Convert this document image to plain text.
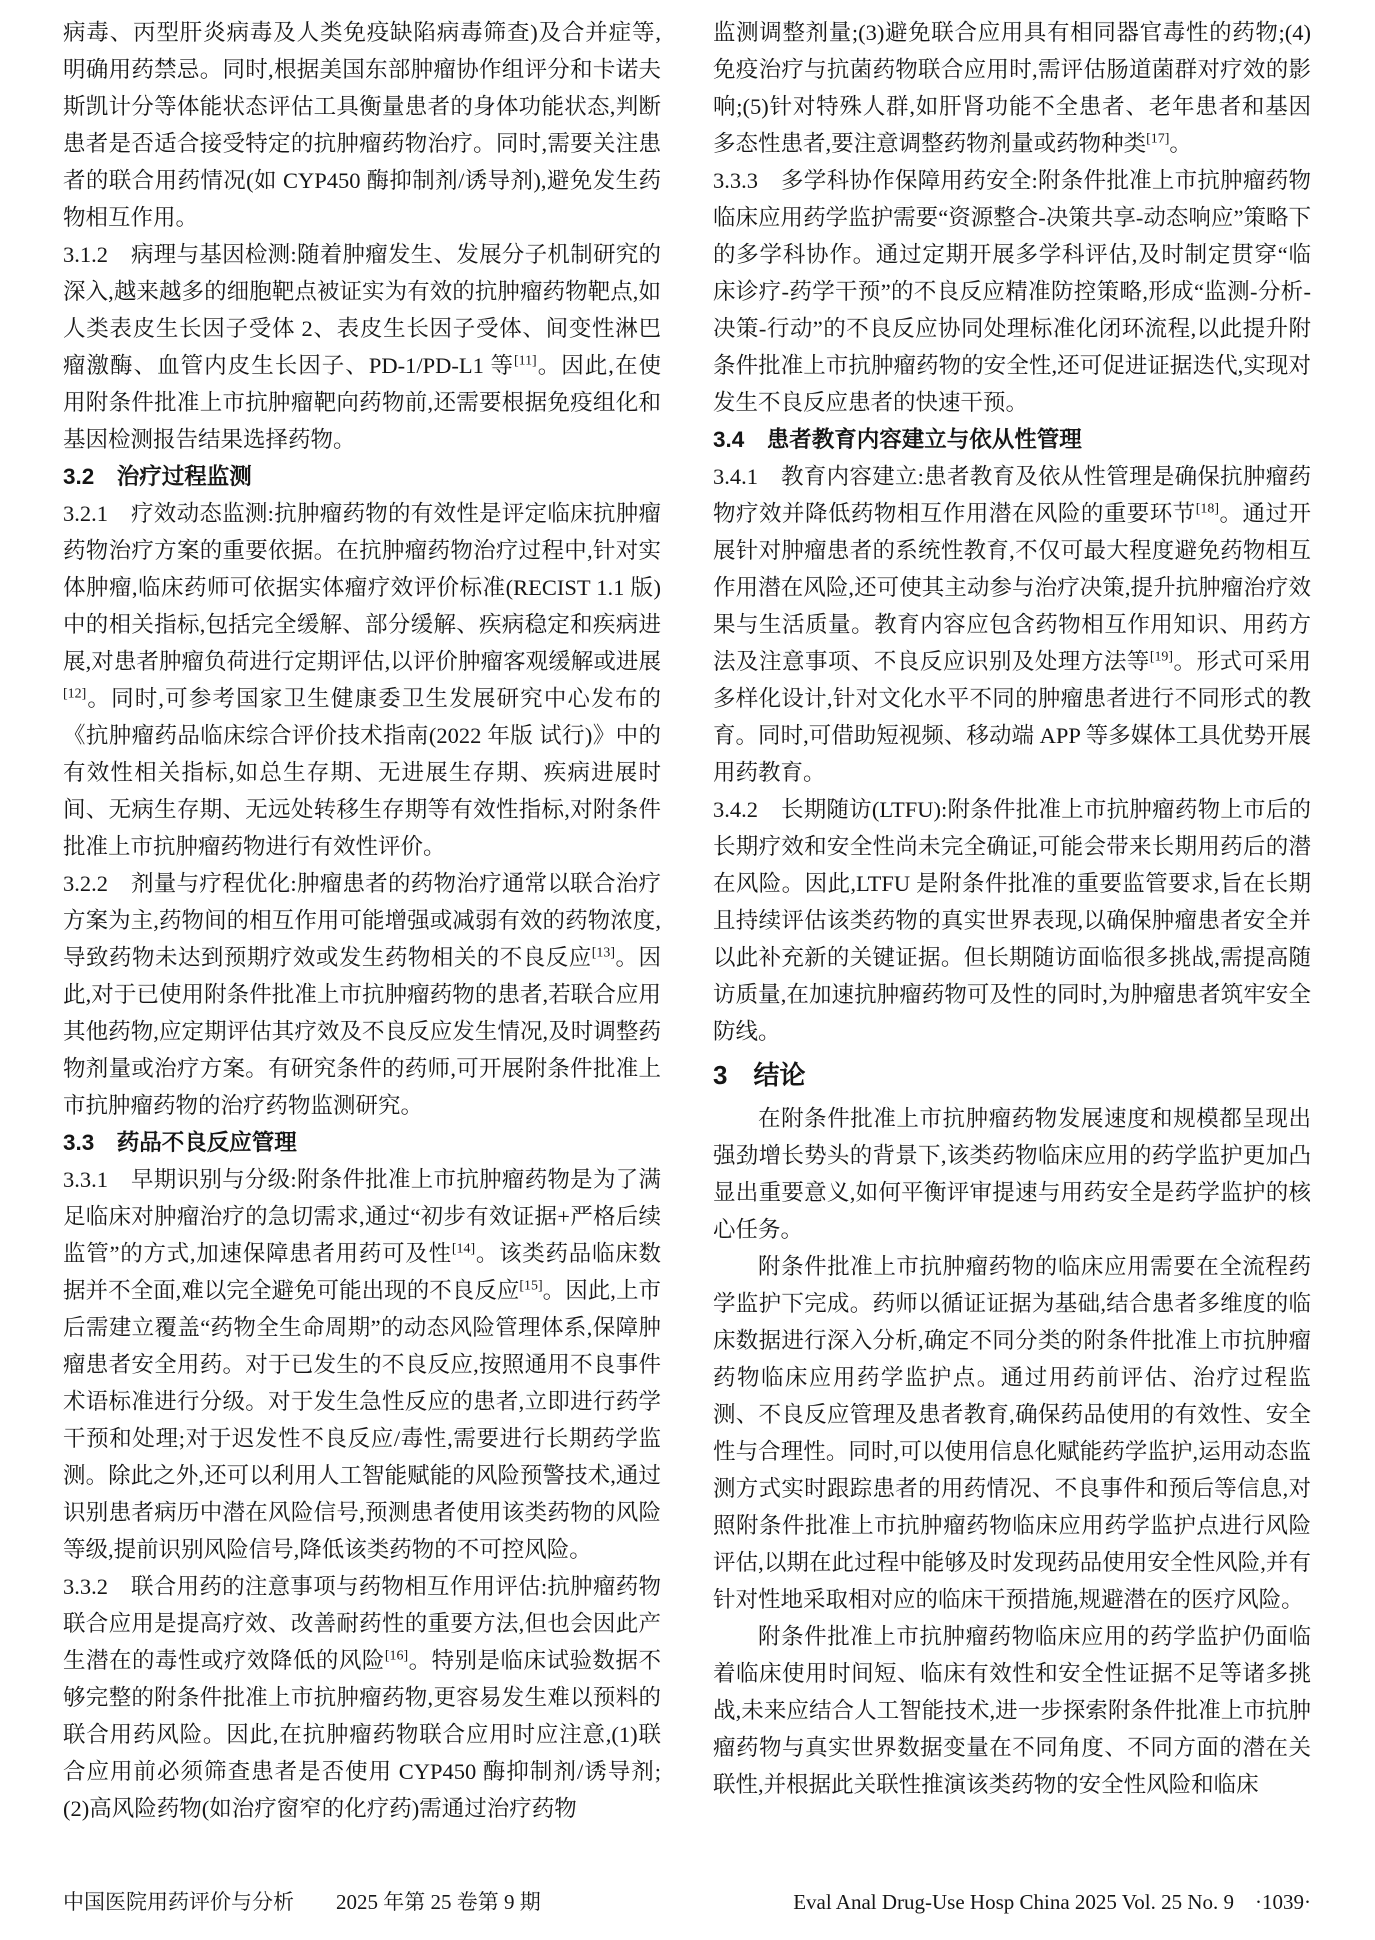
病毒、丙型肝炎病毒及人类免疫缺陷病毒筛查)及合并症等,明确用药禁忌。同时,根据美国东部肿瘤协作组评分和卡诺夫斯凯计分等体能状态评估工具衡量患者的身体功能状态,判断患者是否适合接受特定的抗肿瘤药物治疗。同时,需要关注患者的联合用药情况(如 CYP450 酶抑制剂/诱导剂),避免发生药物相互作用。

3.1.2　病理与基因检测:随着肿瘤发生、发展分子机制研究的深入,越来越多的细胞靶点被证实为有效的抗肿瘤药物靶点,如人类表皮生长因子受体 2、表皮生长因子受体、间变性淋巴瘤激酶、血管内皮生长因子、PD-1/PD-L1 等[11]。因此,在使用附条件批准上市抗肿瘤靶向药物前,还需要根据免疫组化和基因检测报告结果选择药物。

3.2　治疗过程监测

3.2.1　疗效动态监测:抗肿瘤药物的有效性是评定临床抗肿瘤药物治疗方案的重要依据。在抗肿瘤药物治疗过程中,针对实体肿瘤,临床药师可依据实体瘤疗效评价标准(RECIST 1.1 版)中的相关指标,包括完全缓解、部分缓解、疾病稳定和疾病进展,对患者肿瘤负荷进行定期评估,以评价肿瘤客观缓解或进展[12]。同时,可参考国家卫生健康委卫生发展研究中心发布的《抗肿瘤药品临床综合评价技术指南(2022 年版 试行)》中的有效性相关指标,如总生存期、无进展生存期、疾病进展时间、无病生存期、无远处转移生存期等有效性指标,对附条件批准上市抗肿瘤药物进行有效性评价。

3.2.2　剂量与疗程优化:肿瘤患者的药物治疗通常以联合治疗方案为主,药物间的相互作用可能增强或减弱有效的药物浓度,导致药物未达到预期疗效或发生药物相关的不良反应[13]。因此,对于已使用附条件批准上市抗肿瘤药物的患者,若联合应用其他药物,应定期评估其疗效及不良反应发生情况,及时调整药物剂量或治疗方案。有研究条件的药师,可开展附条件批准上市抗肿瘤药物的治疗药物监测研究。

3.3　药品不良反应管理

3.3.1　早期识别与分级:附条件批准上市抗肿瘤药物是为了满足临床对肿瘤治疗的急切需求,通过“初步有效证据+严格后续监管”的方式,加速保障患者用药可及性[14]。该类药品临床数据并不全面,难以完全避免可能出现的不良反应[15]。因此,上市后需建立覆盖“药物全生命周期”的动态风险管理体系,保障肿瘤患者安全用药。对于已发生的不良反应,按照通用不良事件术语标准进行分级。对于发生急性反应的患者,立即进行药学干预和处理;对于迟发性不良反应/毒性,需要进行长期药学监测。除此之外,还可以利用人工智能赋能的风险预警技术,通过识别患者病历中潜在风险信号,预测患者使用该类药物的风险等级,提前识别风险信号,降低该类药物的不可控风险。

3.3.2　联合用药的注意事项与药物相互作用评估:抗肿瘤药物联合应用是提高疗效、改善耐药性的重要方法,但也会因此产生潜在的毒性或疗效降低的风险[16]。特别是临床试验数据不够完整的附条件批准上市抗肿瘤药物,更容易发生难以预料的联合用药风险。因此,在抗肿瘤药物联合应用时应注意,(1)联合应用前必须筛查患者是否使用 CYP450 酶抑制剂/诱导剂;(2)高风险药物(如治疗窗窄的化疗药)需通过治疗药物

监测调整剂量;(3)避免联合应用具有相同器官毒性的药物;(4)免疫治疗与抗菌药物联合应用时,需评估肠道菌群对疗效的影响;(5)针对特殊人群,如肝肾功能不全患者、老年患者和基因多态性患者,要注意调整药物剂量或药物种类[17]。

3.3.3　多学科协作保障用药安全:附条件批准上市抗肿瘤药物临床应用药学监护需要“资源整合-决策共享-动态响应”策略下的多学科协作。通过定期开展多学科评估,及时制定贯穿“临床诊疗-药学干预”的不良反应精准防控策略,形成“监测-分析-决策-行动”的不良反应协同处理标准化闭环流程,以此提升附条件批准上市抗肿瘤药物的安全性,还可促进证据迭代,实现对发生不良反应患者的快速干预。

3.4　患者教育内容建立与依从性管理

3.4.1　教育内容建立:患者教育及依从性管理是确保抗肿瘤药物疗效并降低药物相互作用潜在风险的重要环节[18]。通过开展针对肿瘤患者的系统性教育,不仅可最大程度避免药物相互作用潜在风险,还可使其主动参与治疗决策,提升抗肿瘤治疗效果与生活质量。教育内容应包含药物相互作用知识、用药方法及注意事项、不良反应识别及处理方法等[19]。形式可采用多样化设计,针对文化水平不同的肿瘤患者进行不同形式的教育。同时,可借助短视频、移动端 APP 等多媒体工具优势开展用药教育。

3.4.2　长期随访(LTFU):附条件批准上市抗肿瘤药物上市后的长期疗效和安全性尚未完全确证,可能会带来长期用药后的潜在风险。因此,LTFU 是附条件批准的重要监管要求,旨在长期且持续评估该类药物的真实世界表现,以确保肿瘤患者安全并以此补充新的关键证据。但长期随访面临很多挑战,需提高随访质量,在加速抗肿瘤药物可及性的同时,为肿瘤患者筑牢安全防线。

3　结论

在附条件批准上市抗肿瘤药物发展速度和规模都呈现出强劲增长势头的背景下,该类药物临床应用的药学监护更加凸显出重要意义,如何平衡评审提速与用药安全是药学监护的核心任务。

附条件批准上市抗肿瘤药物的临床应用需要在全流程药学监护下完成。药师以循证证据为基础,结合患者多维度的临床数据进行深入分析,确定不同分类的附条件批准上市抗肿瘤药物临床应用药学监护点。通过用药前评估、治疗过程监测、不良反应管理及患者教育,确保药品使用的有效性、安全性与合理性。同时,可以使用信息化赋能药学监护,运用动态监测方式实时跟踪患者的用药情况、不良事件和预后等信息,对照附条件批准上市抗肿瘤药物临床应用药学监护点进行风险评估,以期在此过程中能够及时发现药品使用安全性风险,并有针对性地采取相对应的临床干预措施,规避潜在的医疗风险。

附条件批准上市抗肿瘤药物临床应用的药学监护仍面临着临床使用时间短、临床有效性和安全性证据不足等诸多挑战,未来应结合人工智能技术,进一步探索附条件批准上市抗肿瘤药物与真实世界数据变量在不同角度、不同方面的潜在关联性,并根据此关联性推演该类药物的安全性风险和临床

中国医院用药评价与分析　　2025 年第 25 卷第 9 期	Eval Anal Drug-Use Hosp China 2025 Vol. 25 No. 9　·1039·
